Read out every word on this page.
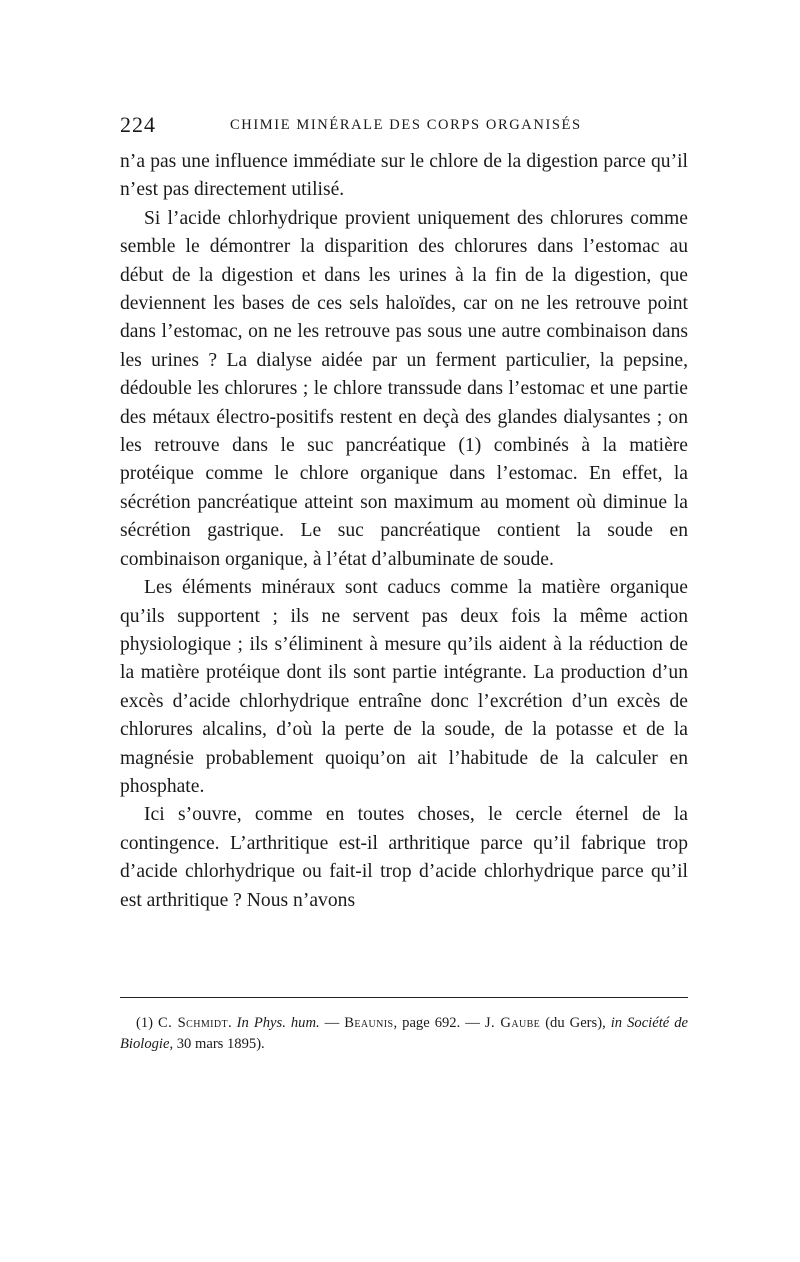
224	CHIMIE MINÉRALE DES CORPS ORGANISÉS

n’a pas une influence immédiate sur le chlore de la digestion parce qu’il n’est pas directement utilisé.

Si l’acide chlorhydrique provient uniquement des chlorures comme semble le démontrer la disparition des chlorures dans l’estomac au début de la digestion et dans les urines à la fin de la digestion, que deviennent les bases de ces sels haloïdes, car on ne les retrouve point dans l’estomac, on ne les retrouve pas sous une autre combinaison dans les urines ? La dialyse aidée par un ferment particulier, la pepsine, dédouble les chlorures ; le chlore transsude dans l’estomac et une partie des métaux électro-positifs restent en deçà des glandes dialysantes ; on les retrouve dans le suc pancréatique (1) combinés à la matière protéique comme le chlore organique dans l’estomac. En effet, la sécrétion pancréatique atteint son maximum au moment où diminue la sécrétion gastrique. Le suc pancréatique contient la soude en combinaison organique, à l’état d’albuminate de soude.

Les éléments minéraux sont caducs comme la matière organique qu’ils supportent ; ils ne servent pas deux fois la même action physiologique ; ils s’éliminent à mesure qu’ils aident à la réduction de la matière protéique dont ils sont partie intégrante. La production d’un excès d’acide chlorhydrique entraîne donc l’excrétion d’un excès de chlorures alcalins, d’où la perte de la soude, de la potasse et de la magnésie probablement quoiqu’on ait l’habitude de la calculer en phosphate.

Ici s’ouvre, comme en toutes choses, le cercle éternel de la contingence. L’arthritique est-il arthritique parce qu’il fabrique trop d’acide chlorhydrique ou fait-il trop d’acide chlorhydrique parce qu’il est arthritique ? Nous n’avons

(1) C. Schmidt. In Phys. hum. — Beaunis, page 692. — J. Gaube (du Gers), in Société de Biologie, 30 mars 1895).
